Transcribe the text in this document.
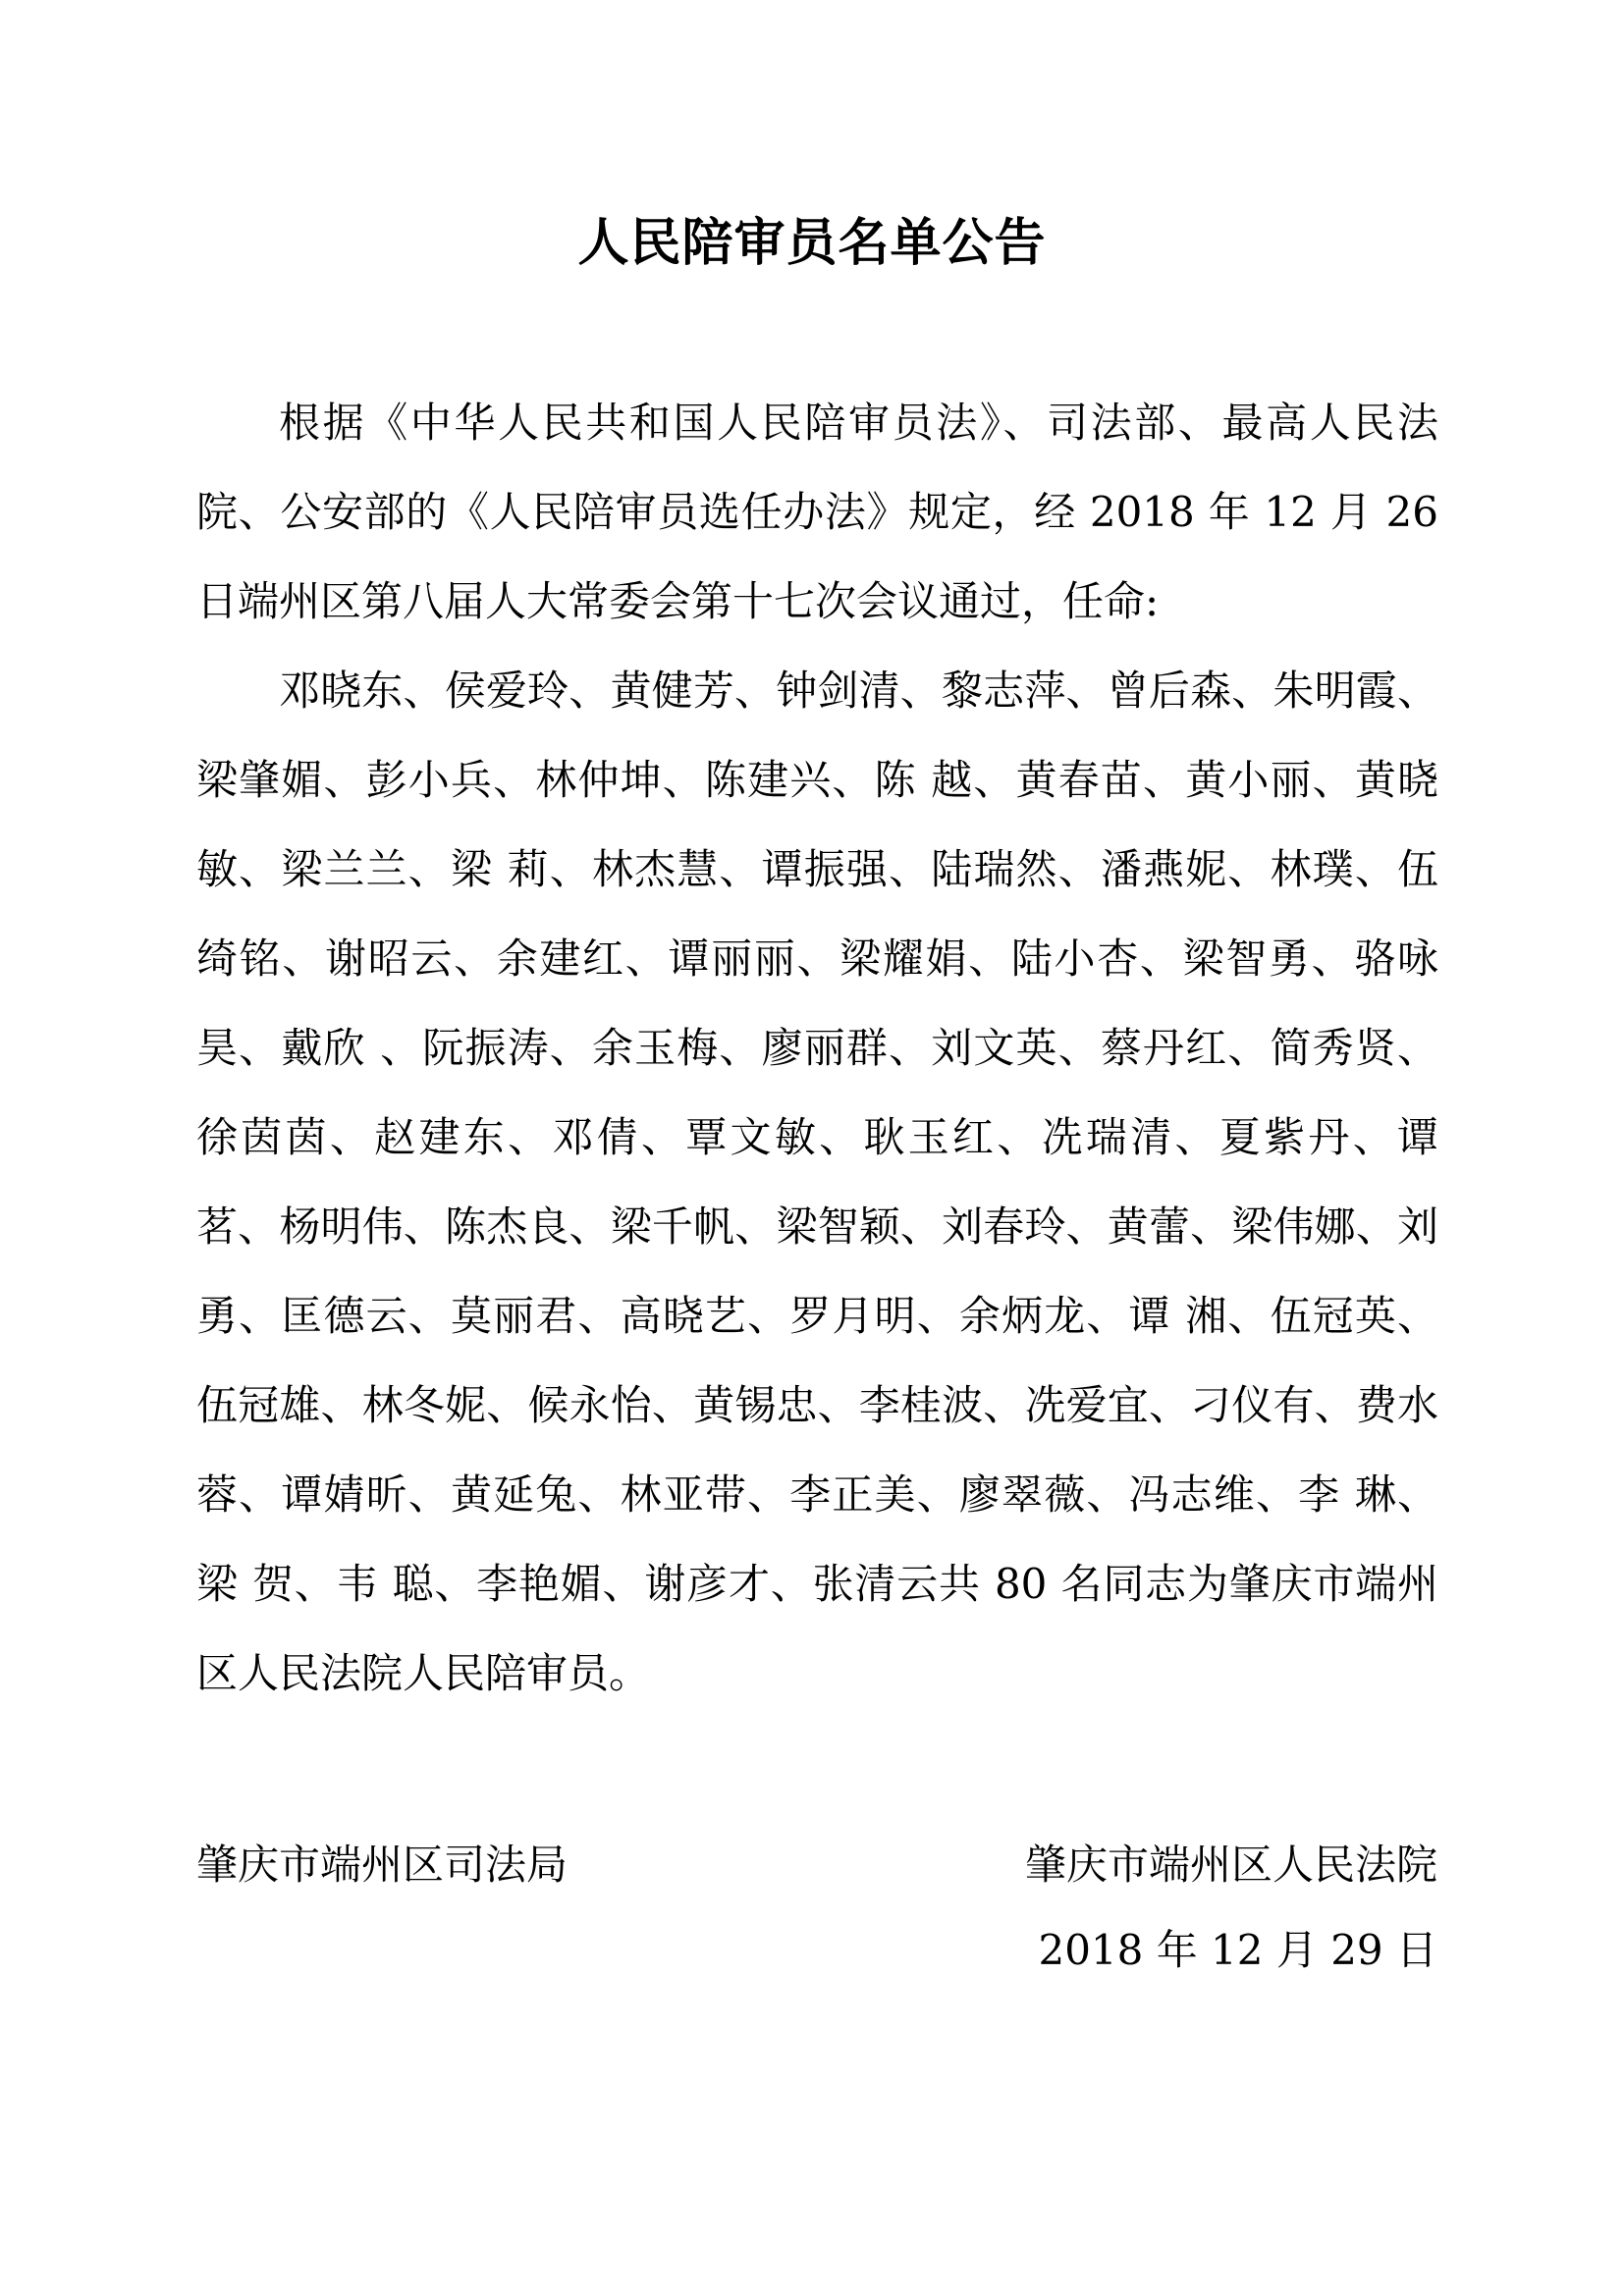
人民陪审员名单公告

根据《中华人民共和国人民陪审员法》、司法部、最高人民法院、公安部的《人民陪审员选任办法》规定，经 2018 年 12 月 26 日端州区第八届人大常委会第十七次会议通过，任命:

邓晓东、侯爱玲、黄健芳、钟剑清、黎志萍、曾后森、朱明霞、梁肇媚、彭小兵、林仲坤、陈建兴、陈 越、黄春苗、黄小丽、黄晓敏、梁兰兰、梁 莉、林杰慧、谭振强、陆瑞然、潘燕妮、林璞、伍绮铭、谢昭云、余建红、谭丽丽、梁耀娟、陆小杏、梁智勇、骆咏昊、戴欣 、阮振涛、余玉梅、廖丽群、刘文英、蔡丹红、简秀贤、徐茵茵、赵建东、邓倩、覃文敏、耿玉红、冼瑞清、夏紫丹、谭 茗、杨明伟、陈杰良、梁千帆、梁智颖、刘春玲、黄蕾、梁伟娜、刘 勇、匡德云、莫丽君、高晓艺、罗月明、余炳龙、谭 湘、伍冠英、伍冠雄、林冬妮、候永怡、黄锡忠、李桂波、冼爱宜、刁仪有、费水蓉、谭婧昕、黄延兔、林亚带、李正美、廖翠薇、冯志维、李 琳、梁 贺、韦 聪、李艳媚、谢彦才、张清云共 80 名同志为肇庆市端州区人民法院人民陪审员。

肇庆市端州区司法局	肇庆市端州区人民法院
2018 年 12 月 29 日
